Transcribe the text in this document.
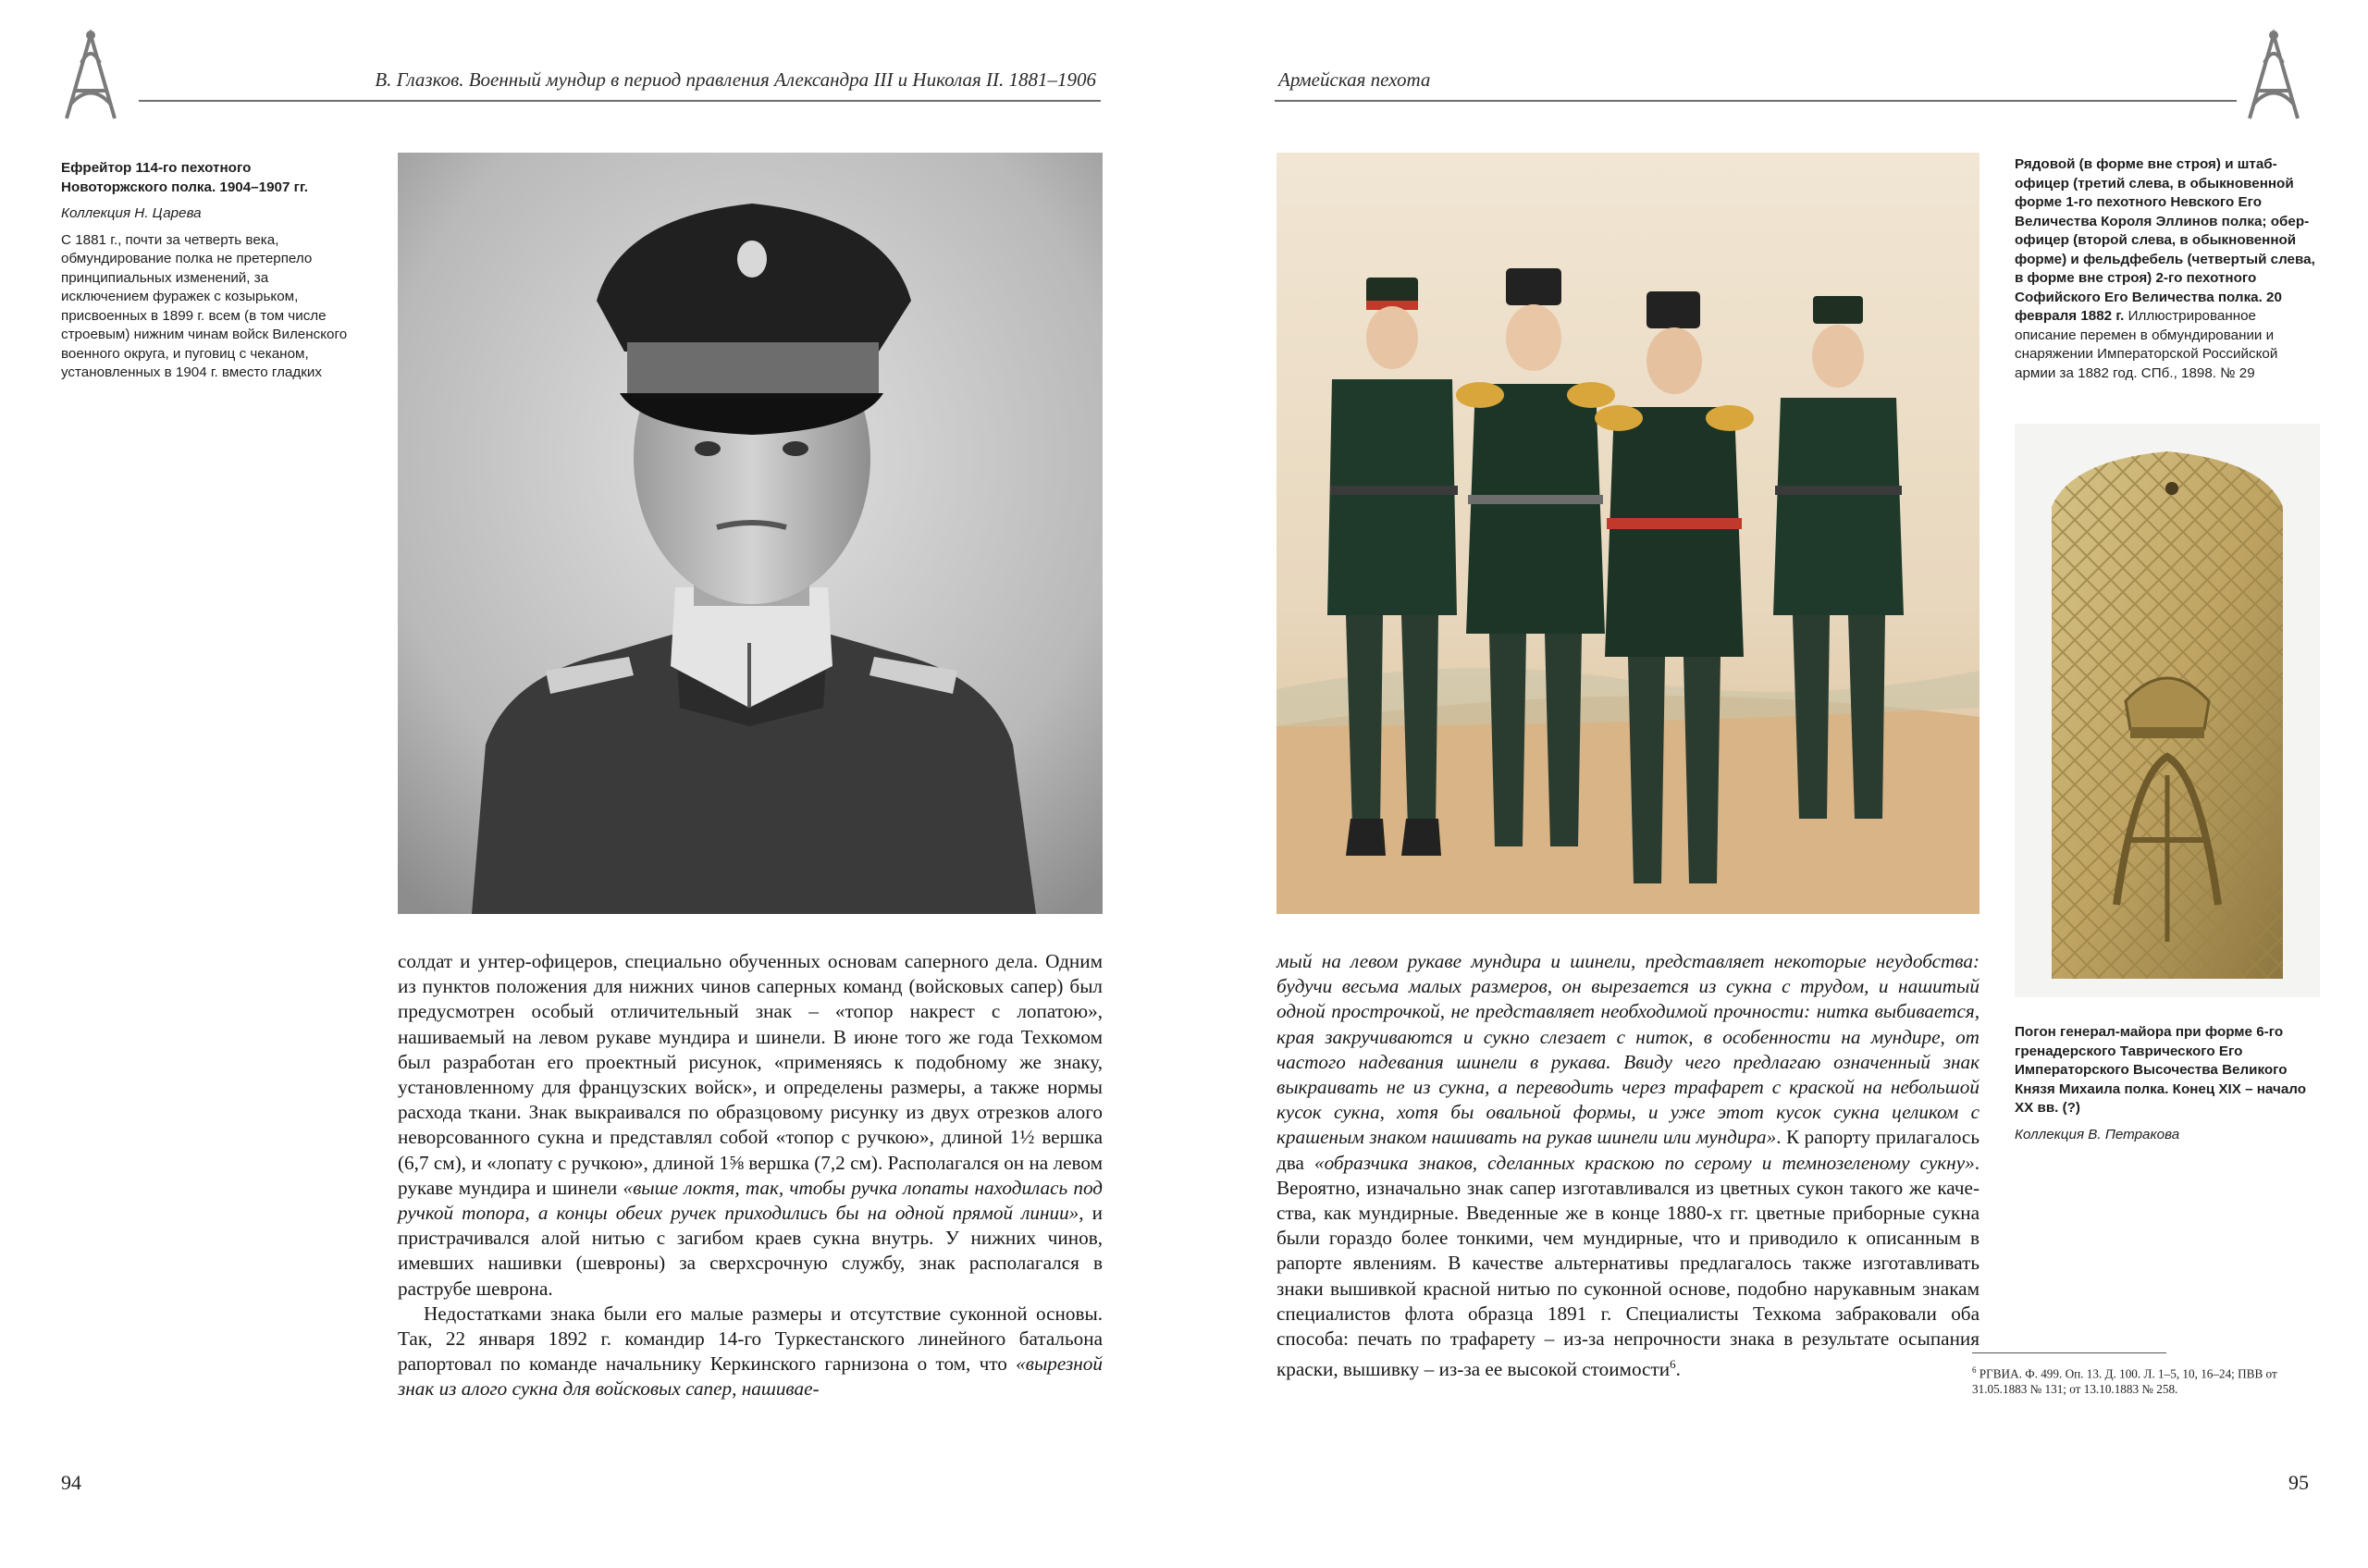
В. Глазков. Военный мундир в период правления Александра III и Николая II. 1881–1906	Армейская пехота
Ефрейтор 114-го пехотного Новоторжского полка. 1904–1907 гг.
Коллекция Н. Царева

С 1881 г., почти за четверть века, обмундирование полка не претерпело принципиальных изменений, за исключением фуражек с козырьком, присвоенных в 1899 г. всем (в том числе строевым) нижним чинам войск Виленского военного округа, и пуговиц с чеканом, установленных в 1904 г. вместо гладких

солдат и унтер-офицеров, специально обученных основам саперного дела. Одним из пунктов положения для нижних чинов саперных команд (войсковых сапер) был предусмотрен особый отличительный знак – «топор накрест с лопатою», нашиваемый на левом рукаве мундира и шинели. В июне того же года Техкомом был разработан его проектный рисунок, «применяясь к подобному же знаку, установленному для французских войск», и определены размеры, а также нормы расхода ткани. Знак выкраивался по образцовому рисунку из двух отрезков алого неворсованного сукна и представлял собой «топор с ручкою», длиной 1½ вершка (6,7 см), и «лопату с ручкою», длиной 1⅝ вершка (7,2 см). Располагался он на левом рукаве мундира и шинели «выше локтя, так, чтобы ручка лопаты находилась под ручкой топора, а концы обеих ручек приходились бы на одной прямой линии», и пристрачивался алой нитью с загибом краев сукна внутрь. У нижних чинов, имевших нашивки (шевроны) за сверхсрочную службу, знак располагался в раструбе шеврона.

Недостатками знака были его малые размеры и отсутствие суконной основы. Так, 22 января 1892 г. командир 14-го Туркестанского линейного батальона рапортовал по команде начальнику Керкинского гарнизона о том, что «вырезной знак из алого сукна для войсковых сапер, нашивае-

мый на левом рукаве мундира и шинели, представляет некоторые неудобства: будучи весьма малых размеров, он вырезается из сукна с трудом, и нашитый одной прострочкой, не представляет необходимой прочности: нитка выбивается, края закручиваются и сукно слезает с ниток, в особенности на мундире, от частого надевания шинели в рукава. Ввиду чего предлагаю означенный знак выкраивать не из сукна, а переводить через трафарет с краской на небольшой кусок сукна, хотя бы овальной формы, и уже этот кусок сукна целиком с крашеным знаком нашивать на рукав шинели или мундира». К рапорту прилагалось два «образчика знаков, сделанных краскою по серому и темнозеленому сукну». Вероятно, изначально знак сапер изготавливался из цветных сукон такого же качества, как мундирные. Введенные же в конце 1880-х гг. цветные приборные сукна были гораздо более тонкими, чем мундирные, что и приводило к описанным в рапорте явлениям. В качестве альтернативы предлагалось также изготавливать знаки вышивкой красной нитью по суконной основе, подобно нарукавным знакам специалистов флота образца 1891 г. Специалисты Техкома забраковали оба способа: печать по трафарету – из-за непрочности знака в результате осыпания краски, вышивку – из-за ее высокой стоимости$^6$.

Рядовой (в форме вне строя) и штаб-офицер (третий слева, в обыкновенной форме 1-го пехотного Невского Его Величества Короля Эллинов полка; обер-офицер (второй слева, в обыкновенной форме) и фельдфебель (четвертый слева, в форме вне строя) 2-го пехотного Софийского Его Величества полка. 20 февраля 1882 г. Иллюстрированное описание перемен в обмундировании и снаряжении Императорской Российской армии за 1882 год. СПб., 1898. № 29
Погон генерал-майора при форме 6-го гренадерского Таврического Его Императорского Высочества Великого Князя Михаила полка. Конец XIX – начало XX вв. (?)
Коллекция В. Петракова
$^6$ РГВИА. Ф. 499. Оп. 13. Д. 100. Л. 1–5, 10, 16–24; ПВВ от 31.05.1883 № 131; от 13.10.1883 № 258.
94	95
